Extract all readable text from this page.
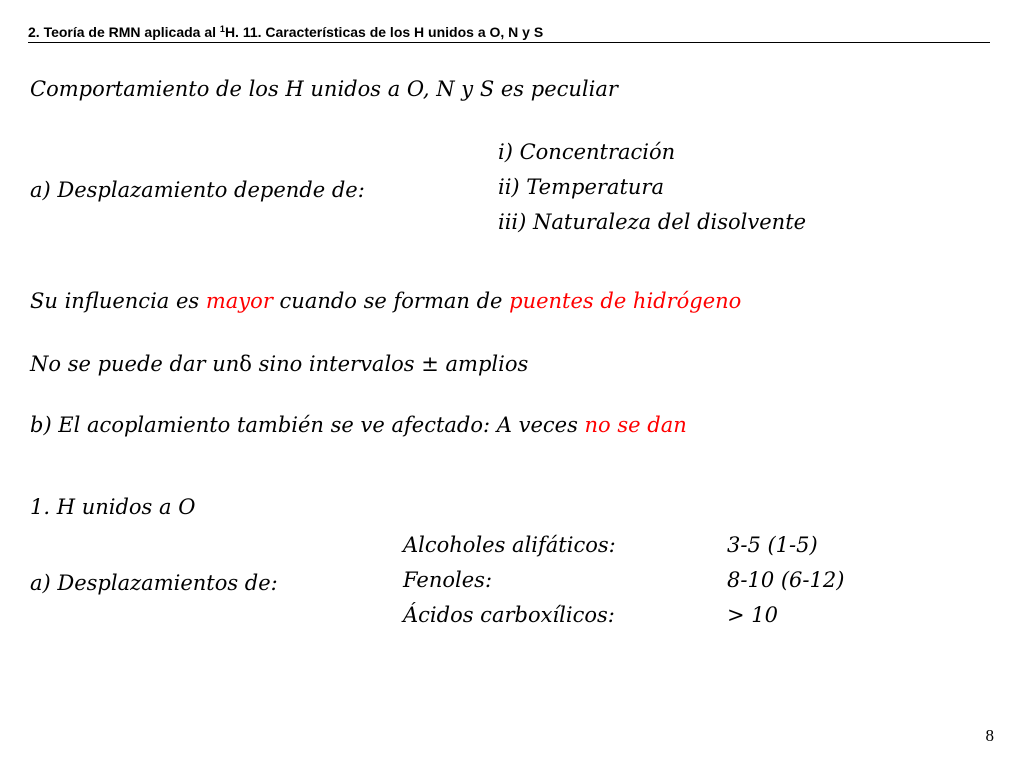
2. Teoría de RMN aplicada al $^1$H. 11. Características de los H unidos a O, N y S
Comportamiento de los H unidos a O, N y S es peculiar
a) Desplazamiento depende de:
i) Concentración
ii) Temperatura
iii) Naturaleza del disolvente
Su influencia es mayor cuando se forman de puentes de hidrógeno
No se puede dar unδ sino intervalos ± amplios
b) El acoplamiento también se ve afectado: A veces no se dan
1. H unidos a O
a) Desplazamientos de:
Alcoholes alifáticos:	3-5 (1-5)
Fenoles:	8-10 (6-12)
Ácidos carboxílicos:	> 10
8
